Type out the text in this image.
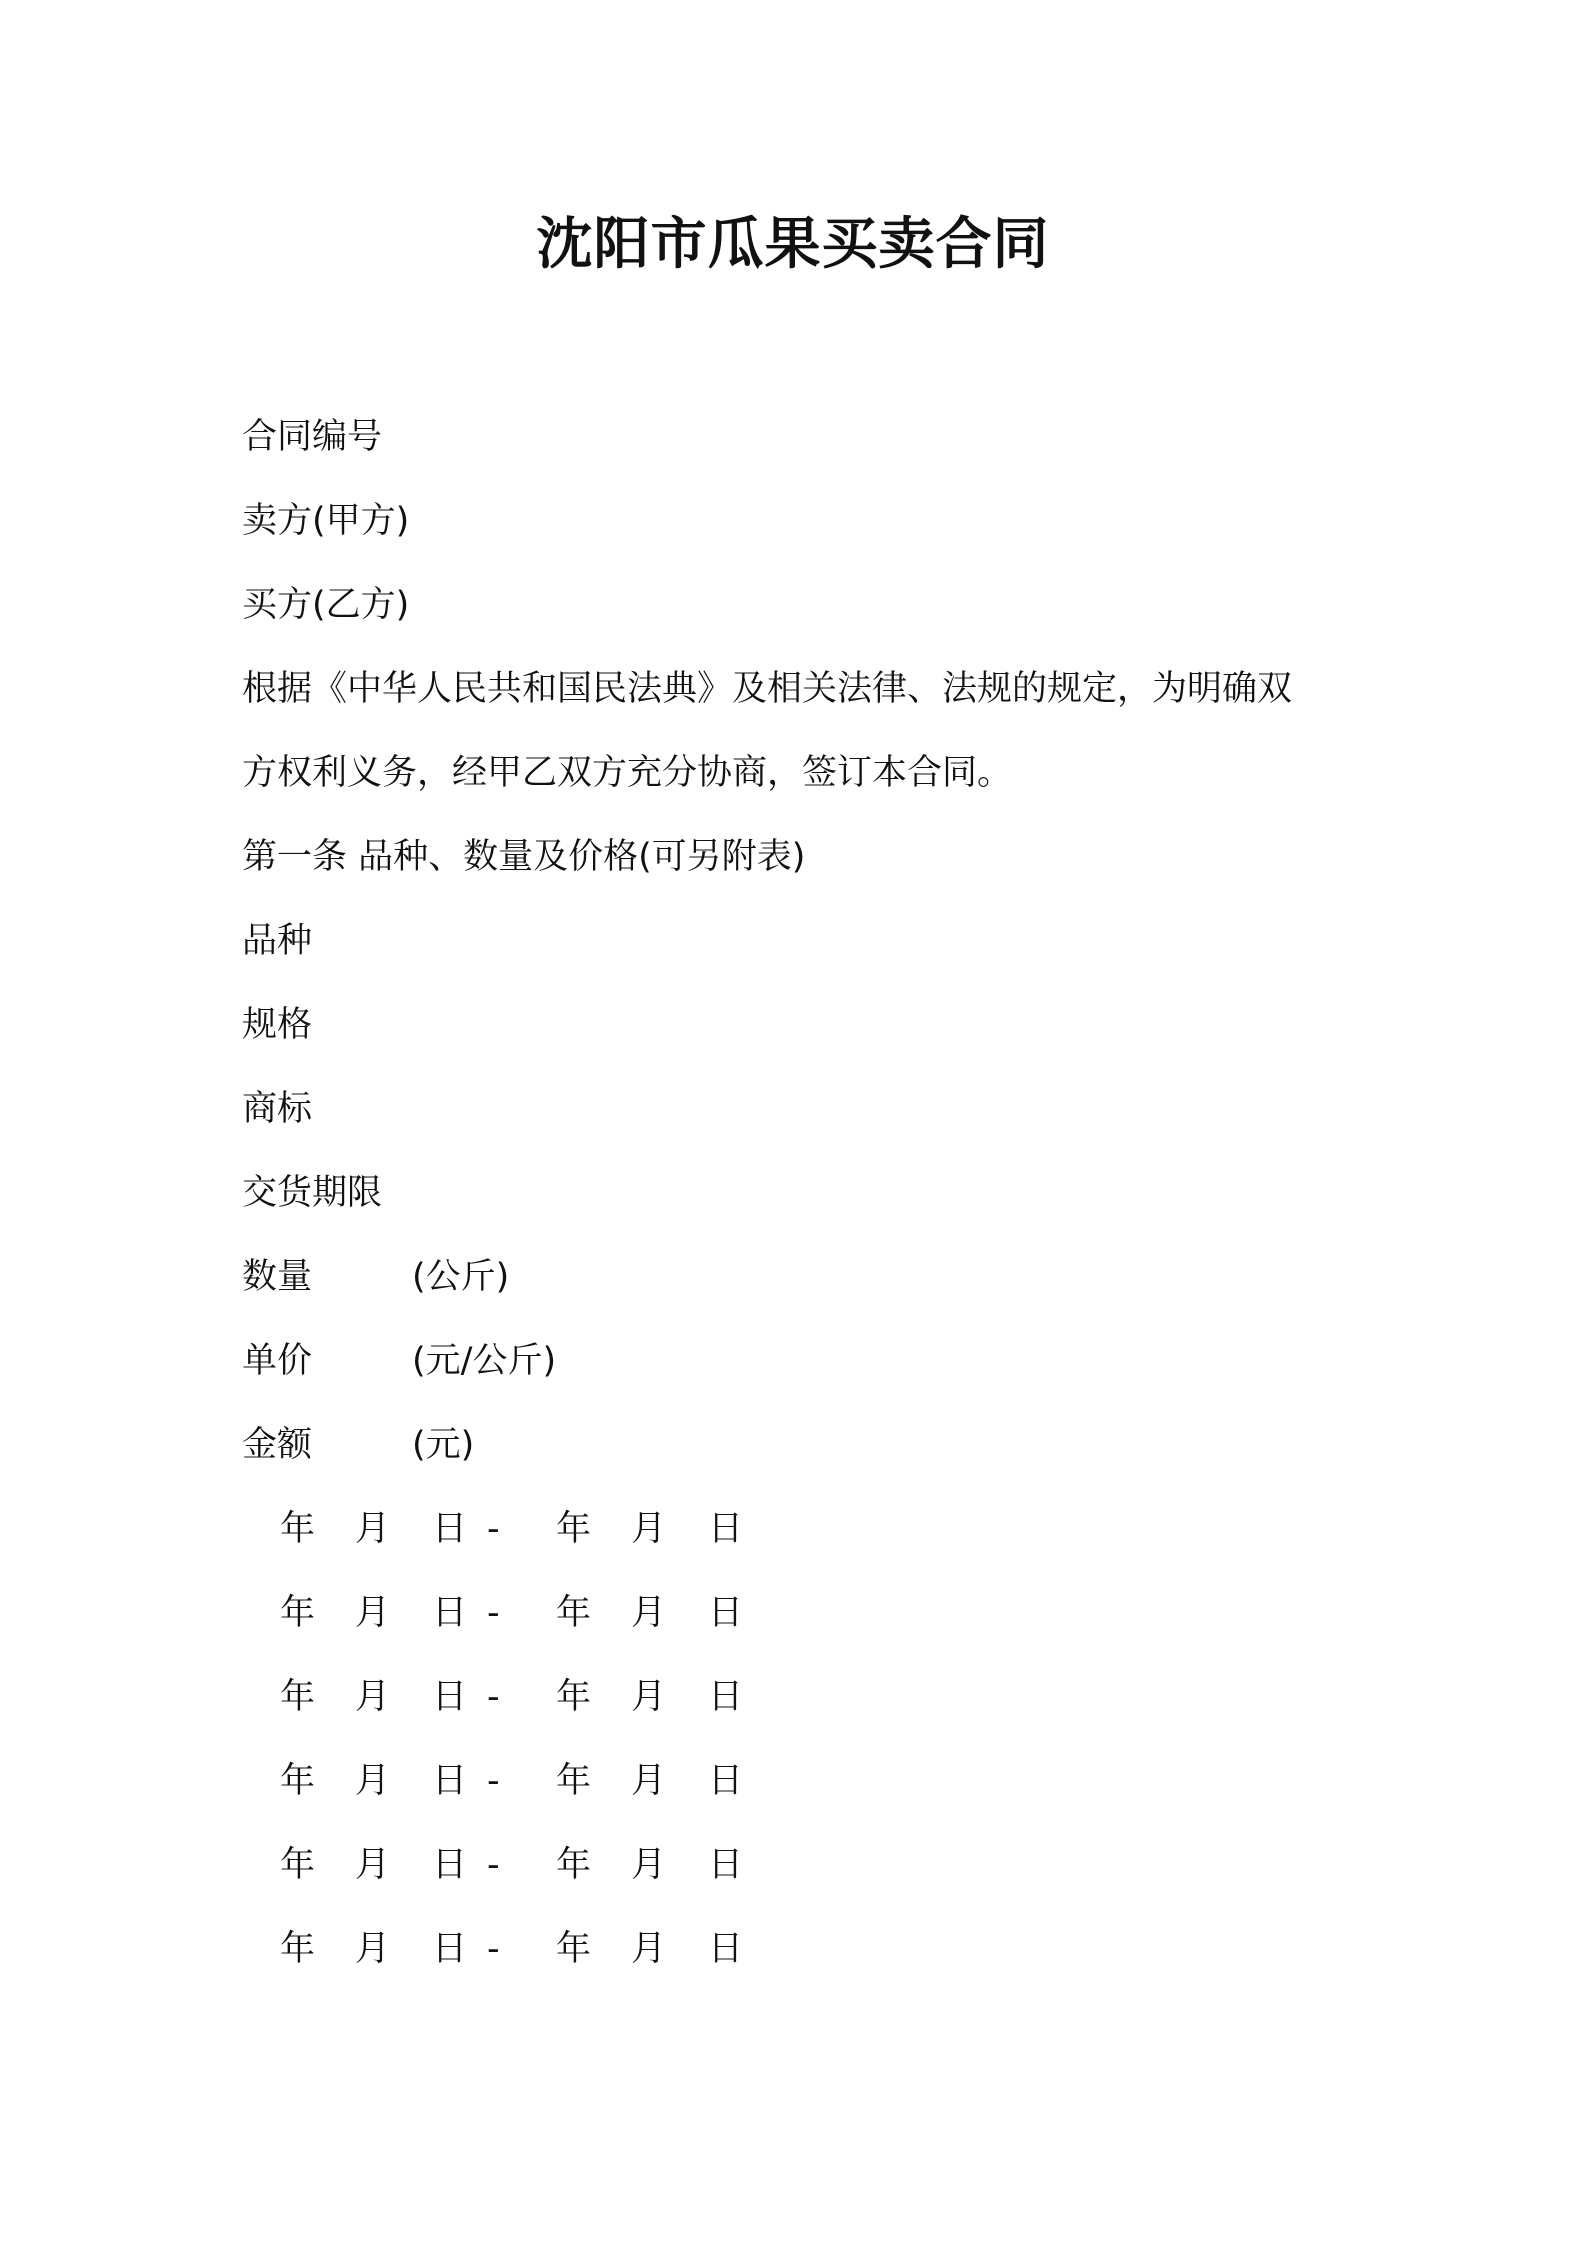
沈阳市瓜果买卖合同
合同编号
卖方(甲方)
买方(乙方)
根据《中华人民共和国民法典》及相关法律、法规的规定，为明确双
方权利义务，经甲乙双方充分协商，签订本合同。
第一条 品种、数量及价格(可另附表)
品种
规格
商标
交货期限
数量	(公斤)
单价	(元/公斤)
金额	(元)
年 月 日 - 年 月 日
年 月 日 - 年 月 日
年 月 日 - 年 月 日
年 月 日 - 年 月 日
年 月 日 - 年 月 日
年 月 日 - 年 月 日
